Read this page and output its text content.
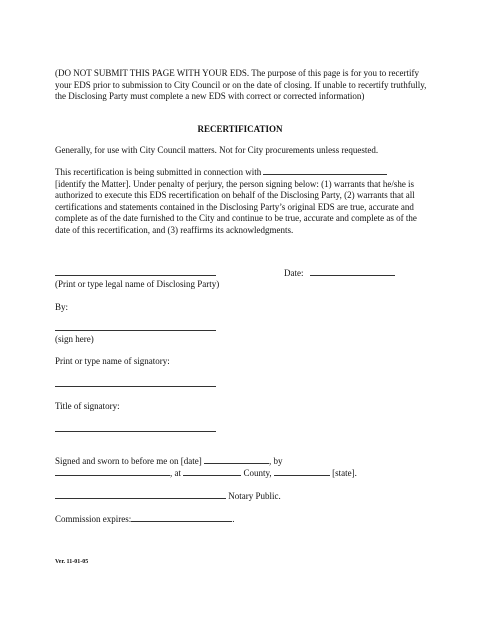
(DO NOT SUBMIT THIS PAGE WITH YOUR EDS. The purpose of this page is for you to recertify your EDS prior to submission to City Council or on the date of closing. If unable to recertify truthfully, the Disclosing Party must complete a new EDS with correct or corrected information)
RECERTIFICATION
Generally, for use with City Council matters. Not for City procurements unless requested.
This recertification is being submitted in connection with
[identify the Matter]. Under penalty of perjury, the person signing below: (1) warrants that he/she is authorized to execute this EDS recertification on behalf of the Disclosing Party, (2) warrants that all certifications and statements contained in the Disclosing Party’s original EDS are true, accurate and complete as of the date furnished to the City and continue to be true, accurate and complete as of the date of this recertification, and (3) reaffirms its acknowledgments.
Date:
(Print or type legal name of Disclosing Party)
By:
(sign here)
Print or type name of signatory:
Title of signatory:
Signed and sworn to before me on [date]	, by
, at	County,	[state].
Notary Public.
Commission expires:	.
Ver. 11-01-05
